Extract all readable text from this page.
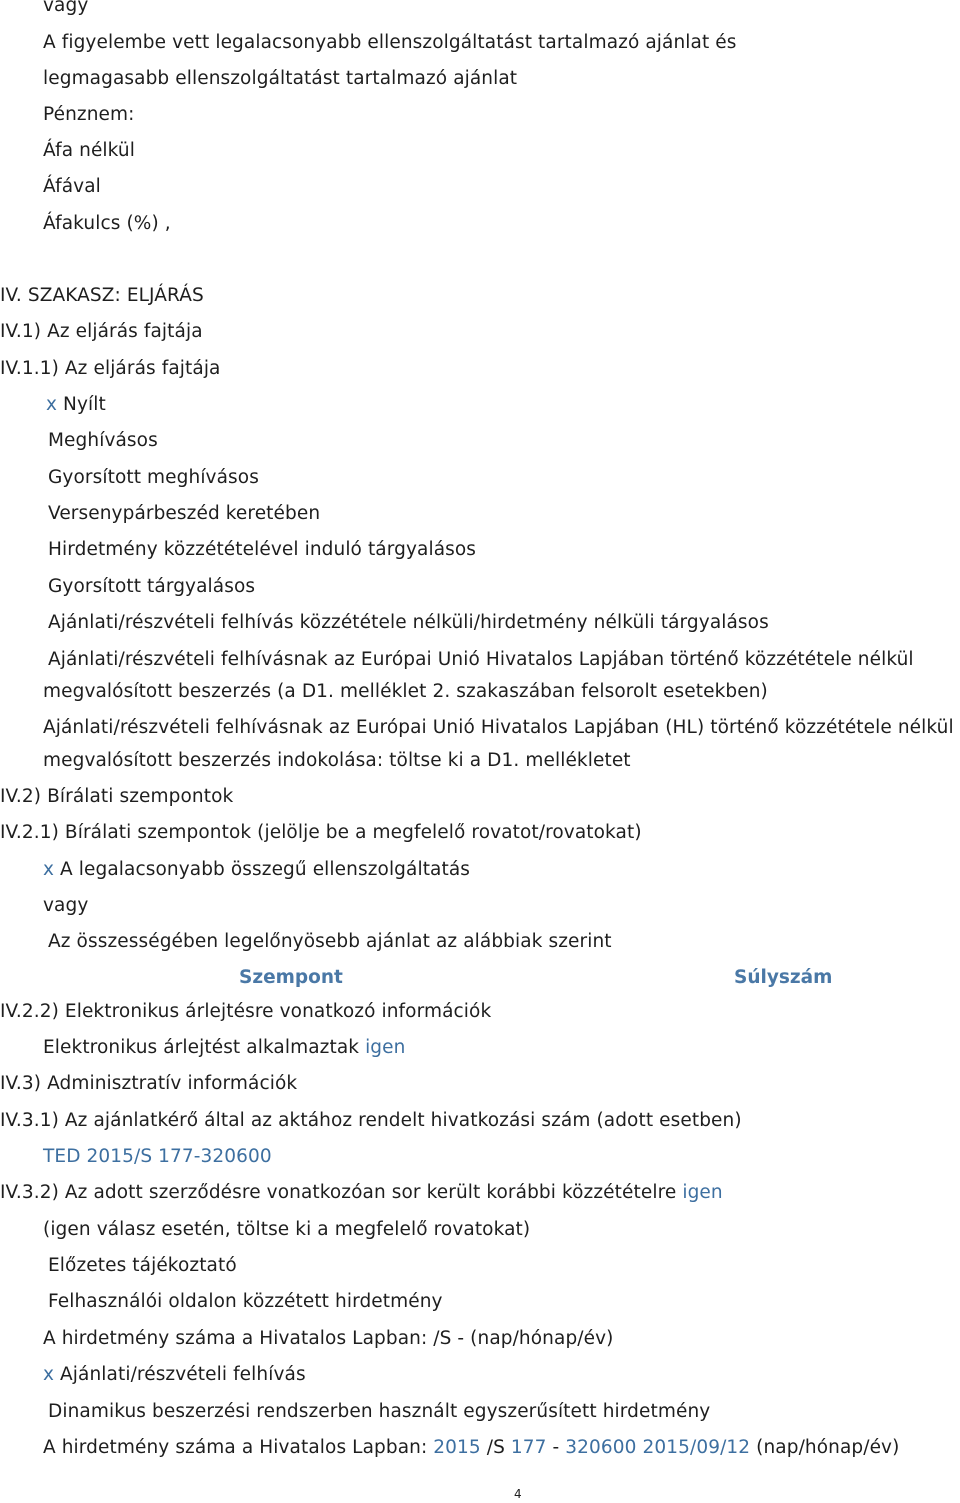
vagy
A figyelembe vett legalacsonyabb ellenszolgáltatást tartalmazó ajánlat és
legmagasabb ellenszolgáltatást tartalmazó ajánlat
Pénznem:
Áfa nélkül
Áfával
Áfakulcs (%) ,
IV. SZAKASZ: ELJÁRÁS
IV.1) Az eljárás fajtája
IV.1.1) Az eljárás fajtája
x Nyílt
Meghívásos
Gyorsított meghívásos
Versenypárbeszéd keretében
Hirdetmény közzétételével induló tárgyalásos
Gyorsított tárgyalásos
Ajánlati/részvételi felhívás közzététele nélküli/hirdetmény nélküli tárgyalásos
Ajánlati/részvételi felhívásnak az Európai Unió Hivatalos Lapjában történő közzététele nélkül
megvalósított beszerzés (a D1. melléklet 2. szakaszában felsorolt esetekben)
Ajánlati/részvételi felhívásnak az Európai Unió Hivatalos Lapjában (HL) történő közzététele nélkül
megvalósított beszerzés indokolása: töltse ki a D1. mellékletet
IV.2) Bírálati szempontok
IV.2.1) Bírálati szempontok (jelölje be a megfelelő rovatot/rovatokat)
x A legalacsonyabb összegű ellenszolgáltatás
vagy
Az összességében legelőnyösebb ajánlat az alábbiak szerint
Szempont	Súlyszám
IV.2.2) Elektronikus árlejtésre vonatkozó információk
Elektronikus árlejtést alkalmaztak igen
IV.3) Adminisztratív információk
IV.3.1) Az ajánlatkérő által az aktához rendelt hivatkozási szám (adott esetben)
TED 2015/S 177-320600
IV.3.2) Az adott szerződésre vonatkozóan sor került korábbi közzétételre igen
(igen válasz esetén, töltse ki a megfelelő rovatokat)
Előzetes tájékoztató
Felhasználói oldalon közzétett hirdetmény
A hirdetmény száma a Hivatalos Lapban: /S - (nap/hónap/év)
x Ajánlati/részvételi felhívás
Dinamikus beszerzési rendszerben használt egyszerűsített hirdetmény
A hirdetmény száma a Hivatalos Lapban: 2015 /S 177 - 320600 2015/09/12 (nap/hónap/év)
4
